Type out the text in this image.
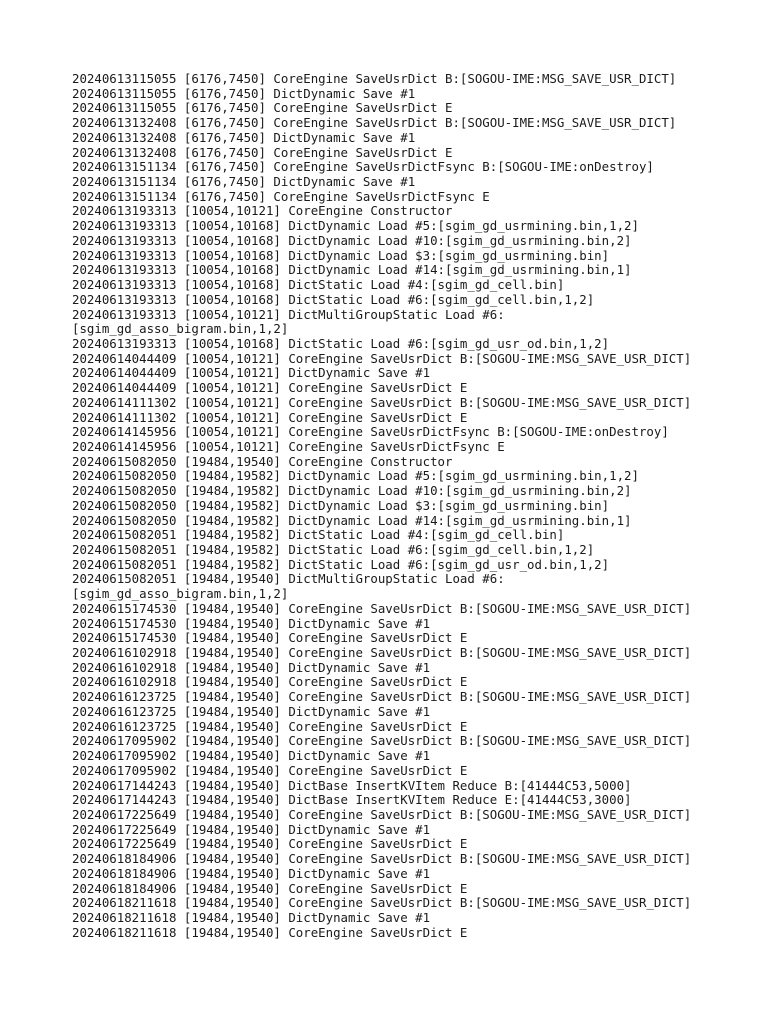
20240613115055 [6176,7450] CoreEngine SaveUsrDict B:[SOGOU-IME:MSG_SAVE_USR_DICT]
20240613115055 [6176,7450] DictDynamic Save #1
20240613115055 [6176,7450] CoreEngine SaveUsrDict E
20240613132408 [6176,7450] CoreEngine SaveUsrDict B:[SOGOU-IME:MSG_SAVE_USR_DICT]
20240613132408 [6176,7450] DictDynamic Save #1
20240613132408 [6176,7450] CoreEngine SaveUsrDict E
20240613151134 [6176,7450] CoreEngine SaveUsrDictFsync B:[SOGOU-IME:onDestroy]
20240613151134 [6176,7450] DictDynamic Save #1
20240613151134 [6176,7450] CoreEngine SaveUsrDictFsync E
20240613193313 [10054,10121] CoreEngine Constructor
20240613193313 [10054,10168] DictDynamic Load #5:[sgim_gd_usrmining.bin,1,2]
20240613193313 [10054,10168] DictDynamic Load #10:[sgim_gd_usrmining.bin,2]
20240613193313 [10054,10168] DictDynamic Load $3:[sgim_gd_usrmining.bin]
20240613193313 [10054,10168] DictDynamic Load #14:[sgim_gd_usrmining.bin,1]
20240613193313 [10054,10168] DictStatic Load #4:[sgim_gd_cell.bin]
20240613193313 [10054,10168] DictStatic Load #6:[sgim_gd_cell.bin,1,2]
20240613193313 [10054,10121] DictMultiGroupStatic Load #6:
[sgim_gd_asso_bigram.bin,1,2]
20240613193313 [10054,10168] DictStatic Load #6:[sgim_gd_usr_od.bin,1,2]
20240614044409 [10054,10121] CoreEngine SaveUsrDict B:[SOGOU-IME:MSG_SAVE_USR_DICT]
20240614044409 [10054,10121] DictDynamic Save #1
20240614044409 [10054,10121] CoreEngine SaveUsrDict E
20240614111302 [10054,10121] CoreEngine SaveUsrDict B:[SOGOU-IME:MSG_SAVE_USR_DICT]
20240614111302 [10054,10121] CoreEngine SaveUsrDict E
20240614145956 [10054,10121] CoreEngine SaveUsrDictFsync B:[SOGOU-IME:onDestroy]
20240614145956 [10054,10121] CoreEngine SaveUsrDictFsync E
20240615082050 [19484,19540] CoreEngine Constructor
20240615082050 [19484,19582] DictDynamic Load #5:[sgim_gd_usrmining.bin,1,2]
20240615082050 [19484,19582] DictDynamic Load #10:[sgim_gd_usrmining.bin,2]
20240615082050 [19484,19582] DictDynamic Load $3:[sgim_gd_usrmining.bin]
20240615082050 [19484,19582] DictDynamic Load #14:[sgim_gd_usrmining.bin,1]
20240615082051 [19484,19582] DictStatic Load #4:[sgim_gd_cell.bin]
20240615082051 [19484,19582] DictStatic Load #6:[sgim_gd_cell.bin,1,2]
20240615082051 [19484,19582] DictStatic Load #6:[sgim_gd_usr_od.bin,1,2]
20240615082051 [19484,19540] DictMultiGroupStatic Load #6:
[sgim_gd_asso_bigram.bin,1,2]
20240615174530 [19484,19540] CoreEngine SaveUsrDict B:[SOGOU-IME:MSG_SAVE_USR_DICT]
20240615174530 [19484,19540] DictDynamic Save #1
20240615174530 [19484,19540] CoreEngine SaveUsrDict E
20240616102918 [19484,19540] CoreEngine SaveUsrDict B:[SOGOU-IME:MSG_SAVE_USR_DICT]
20240616102918 [19484,19540] DictDynamic Save #1
20240616102918 [19484,19540] CoreEngine SaveUsrDict E
20240616123725 [19484,19540] CoreEngine SaveUsrDict B:[SOGOU-IME:MSG_SAVE_USR_DICT]
20240616123725 [19484,19540] DictDynamic Save #1
20240616123725 [19484,19540] CoreEngine SaveUsrDict E
20240617095902 [19484,19540] CoreEngine SaveUsrDict B:[SOGOU-IME:MSG_SAVE_USR_DICT]
20240617095902 [19484,19540] DictDynamic Save #1
20240617095902 [19484,19540] CoreEngine SaveUsrDict E
20240617144243 [19484,19540] DictBase InsertKVItem Reduce B:[41444C53,5000]
20240617144243 [19484,19540] DictBase InsertKVItem Reduce E:[41444C53,3000]
20240617225649 [19484,19540] CoreEngine SaveUsrDict B:[SOGOU-IME:MSG_SAVE_USR_DICT]
20240617225649 [19484,19540] DictDynamic Save #1
20240617225649 [19484,19540] CoreEngine SaveUsrDict E
20240618184906 [19484,19540] CoreEngine SaveUsrDict B:[SOGOU-IME:MSG_SAVE_USR_DICT]
20240618184906 [19484,19540] DictDynamic Save #1
20240618184906 [19484,19540] CoreEngine SaveUsrDict E
20240618211618 [19484,19540] CoreEngine SaveUsrDict B:[SOGOU-IME:MSG_SAVE_USR_DICT]
20240618211618 [19484,19540] DictDynamic Save #1
20240618211618 [19484,19540] CoreEngine SaveUsrDict E
